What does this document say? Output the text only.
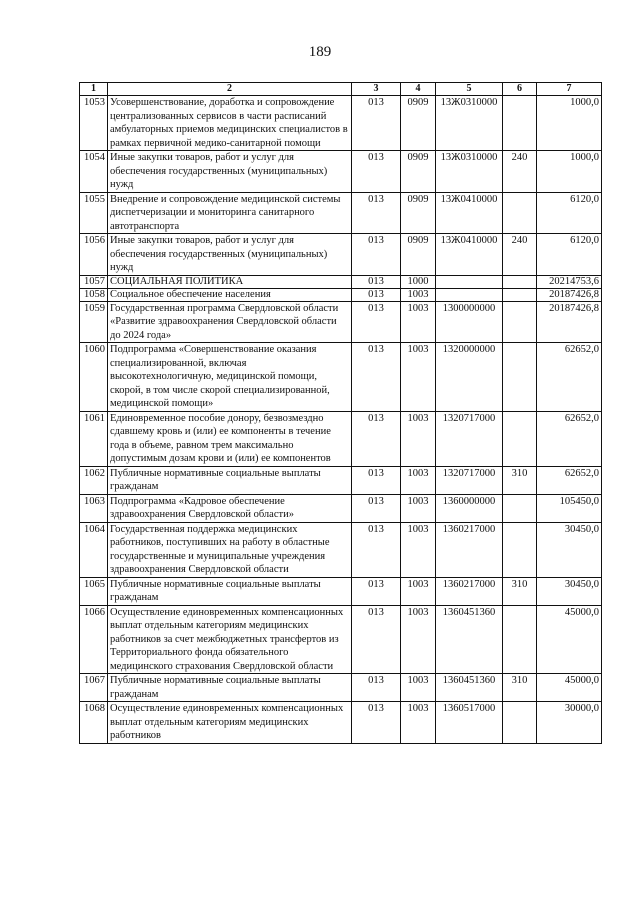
189
1	2	3	4	5	6	7
1053	Усовершенствование, доработка и сопровождение централизованных сервисов в части расписаний амбулаторных приемов медицинских специалистов в рамках первичной медико-санитарной помощи	013	0909	13Ж0310000		1000,0
1054	Иные закупки товаров, работ и услуг для обеспечения государственных (муниципальных) нужд	013	0909	13Ж0310000	240	1000,0
1055	Внедрение и сопровождение медицинской системы диспетчеризации и мониторинга санитарного автотранспорта	013	0909	13Ж0410000		6120,0
1056	Иные закупки товаров, работ и услуг для обеспечения государственных (муниципальных) нужд	013	0909	13Ж0410000	240	6120,0
1057	СОЦИАЛЬНАЯ ПОЛИТИКА	013	1000			20214753,6
1058	Социальное обеспечение населения	013	1003			20187426,8
1059	Государственная программа Свердловской области «Развитие здравоохранения Свердловской области до 2024 года»	013	1003	1300000000		20187426,8
1060	Подпрограмма «Совершенствование оказания специализированной, включая высокотехнологичную, медицинской помощи, скорой, в том числе скорой специализированной, медицинской помощи»	013	1003	1320000000		62652,0
1061	Единовременное пособие донору, безвозмездно сдавшему кровь и (или) ее компоненты в течение года в объеме, равном трем максимально допустимым дозам крови и (или) ее компонентов	013	1003	1320717000		62652,0
1062	Публичные нормативные социальные выплаты гражданам	013	1003	1320717000	310	62652,0
1063	Подпрограмма «Кадровое обеспечение здравоохранения Свердловской области»	013	1003	1360000000		105450,0
1064	Государственная поддержка медицинских работников, поступивших на работу в областные государственные и муниципальные учреждения здравоохранения Свердловской области	013	1003	1360217000		30450,0
1065	Публичные нормативные социальные выплаты гражданам	013	1003	1360217000	310	30450,0
1066	Осуществление единовременных компенсационных выплат отдельным категориям медицинских работников за счет межбюджетных трансфертов из Территориального фонда обязательного медицинского страхования Свердловской области	013	1003	1360451360		45000,0
1067	Публичные нормативные социальные выплаты гражданам	013	1003	1360451360	310	45000,0
1068	Осуществление единовременных компенсационных выплат отдельным категориям медицинских работников	013	1003	1360517000		30000,0
